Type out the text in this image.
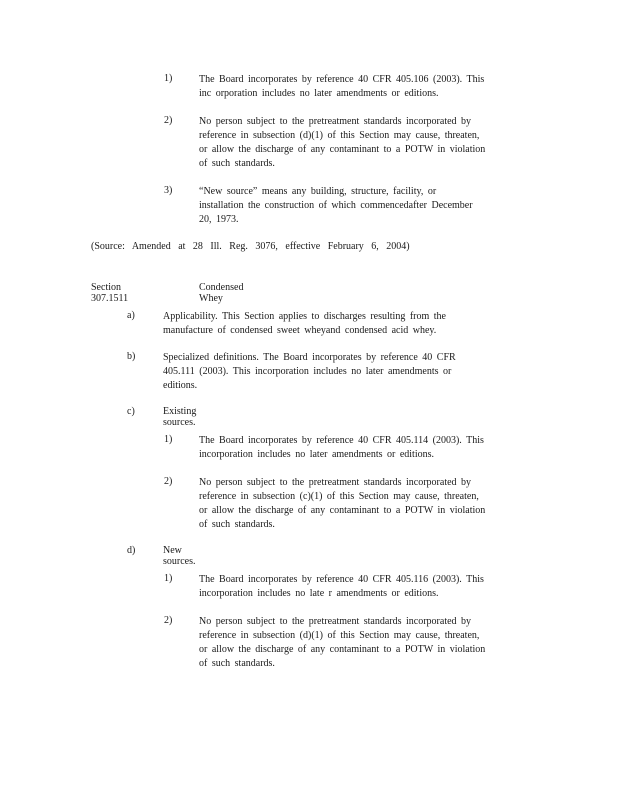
1)	The Board incorporates by reference 40 CFR 405.106 (2003). This
inc orporation includes no later amendments or editions.
2)	No person subject to the pretreatment standards incorporated by
reference in subsection (d)(1) of this Section may cause, threaten,
or allow the discharge of any contaminant to a POTW in violation
of such standards.
3)	“New source” means any building, structure, facility, or
installation the construction of which commencedafter December
20, 1973.
(Source: Amended at 28 Ill. Reg. 3076, effective February 6, 2004)
Section 307.1511
Condensed Whey
a)	Applicability. This Section applies to discharges resulting from the
manufacture of condensed sweet wheyand condensed acid whey.
b)	Specialized definitions. The Board incorporates by reference 40 CFR
405.111 (2003). This incorporation includes no later amendments or
editions.
c)	Existing sources.
1)	The Board incorporates by reference 40 CFR 405.114 (2003). This
incorporation includes no later amendments or editions.
2)	No person subject to the pretreatment standards incorporated by
reference in subsection (c)(1) of this Section may cause, threaten,
or allow the discharge of any contaminant to a POTW in violation
of such standards.
d)	New sources.
1)	The Board incorporates by reference 40 CFR 405.116 (2003). This
incorporation includes no late r amendments or editions.
2)	No person subject to the pretreatment standards incorporated by
reference in subsection (d)(1) of this Section may cause, threaten,
or allow the discharge of any contaminant to a POTW in violation
of such standards.
